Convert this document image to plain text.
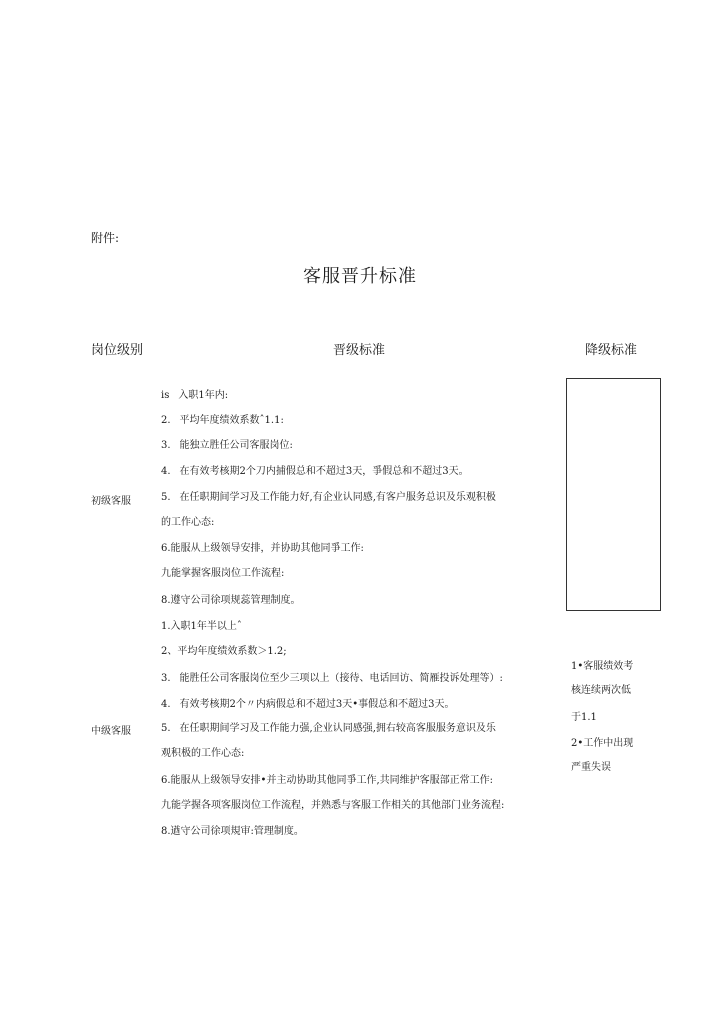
附件:
客服晋升标准
岗位级别	晋级标准	降级标准
初级客服
is 入职1年内:
2. 平均年度绩效系数ˆ1.1:
3. 能独立胜任公司客服岗位:
4. 在有效考核期2个刀内捕假总和不超过3天，爭假总和不超过3天。
5. 在任职期间学习及工作能力好,有企业认同感,有客户服务总识及乐观积极
的工作心态:
6.能服从上级领导安排，并协助其他同爭工作:
九能掌握客服岗位工作流程:
8.遵守公司徐项规蕊管理制度。
中级客服
1.入职1年半以上ˆ
2、平均年度绩效系数＞1.2;
3. 能胜任公司客服岗位至少三项以上（接待、电话回访、简雁投诉处理等）:
4. 有效考核期2个〃内病假总和不超过3天•事假总和不超过3天。
5. 在任职期间学习及工作能力强,企业认同感强,拥右较高客服服务意识及乐
观积极的工作心态:
6.能服从上级领导安排•并主动协助其他同爭工作,共同维护客服部正常工作:
九能学握各项客服岗位工作流程，并熟悉与客服工作相关的其他部门业务流程:
8.遒守公司徐项規审:管理制度。
1•客服绩效考
核连续两次低
于1.1
2•工作中出现
严重失误
